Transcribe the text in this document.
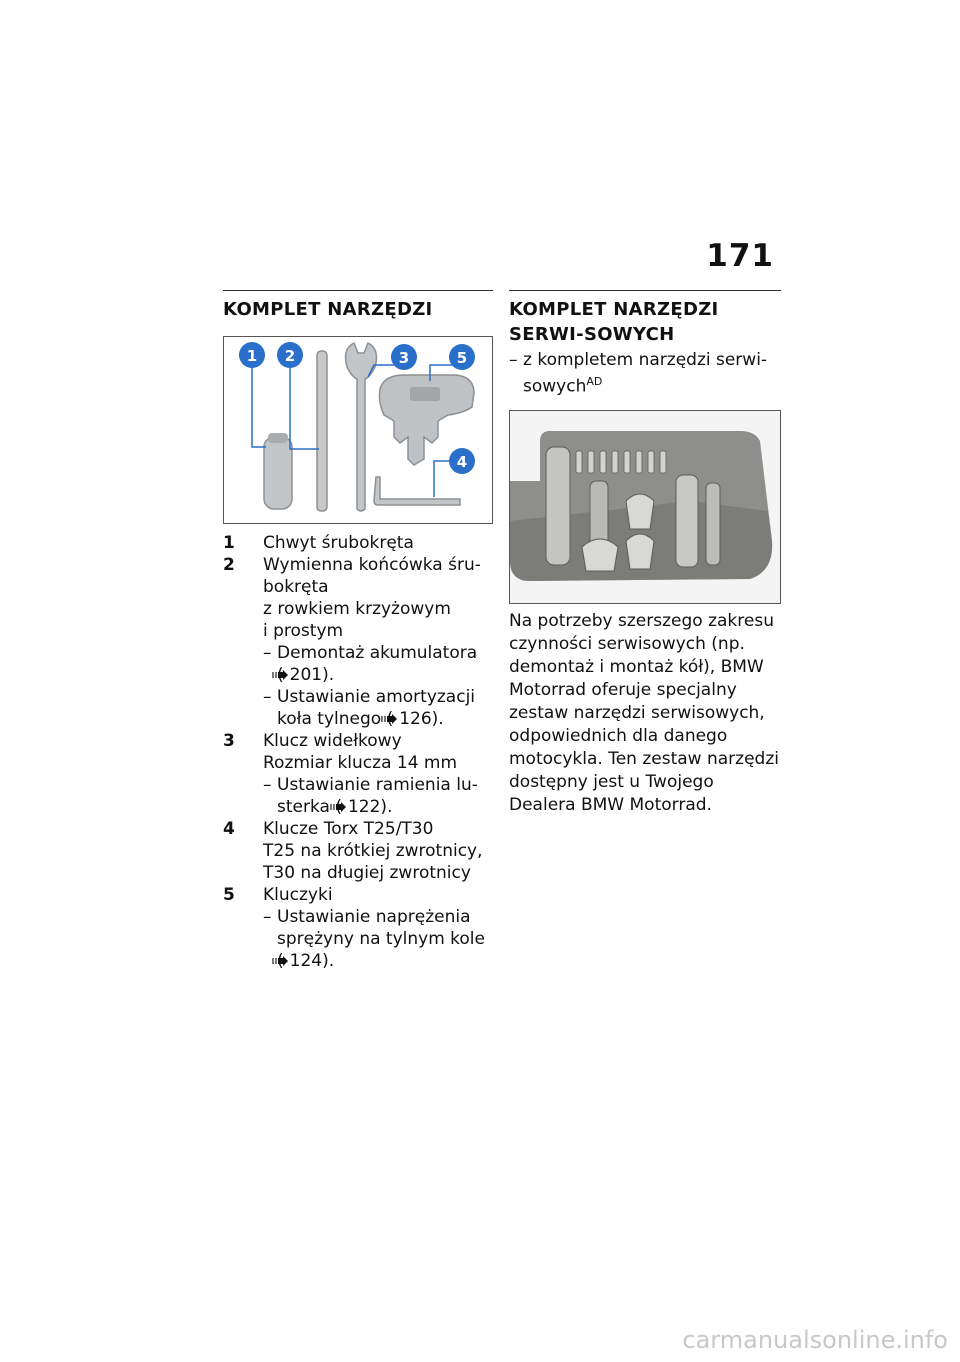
171
KOMPLET NARZĘDZI
1 2	3	5
4
1	Chwyt śrubokręta
2	Wymienna końcówka śru-
bokręta
z rowkiem krzyżowym
i prostym
– Demontaż akumulatora
201).
– Ustawianie amortyzacji koła tylnego 126).
3	Klucz widełkowy
Rozmiar klucza 14 mm
– Ustawianie ramienia lu- sterka 122).
4	Klucze Torx T25/T30
T25 na krótkiej zwrotnicy,
T30 na długiej zwrotnicy
5	Kluczyki
– Ustawianie naprężenia sprężyny na tylnym kole
124).
KOMPLET NARZĘDZI SERWI-SOWYCH
– z kompletem narzędzi serwi- sowych$^{AD}$
Na potrzeby szerszego zakresu czynności serwisowych (np. demontaż i montaż kół), BMW Motorrad oferuje specjalny zestaw narzędzi serwisowych, odpowiednich dla danego motocykla. Ten zestaw narzędzi dostępny jest u Twojego Dealera BMW Motorrad.
carmanualsonline.info
